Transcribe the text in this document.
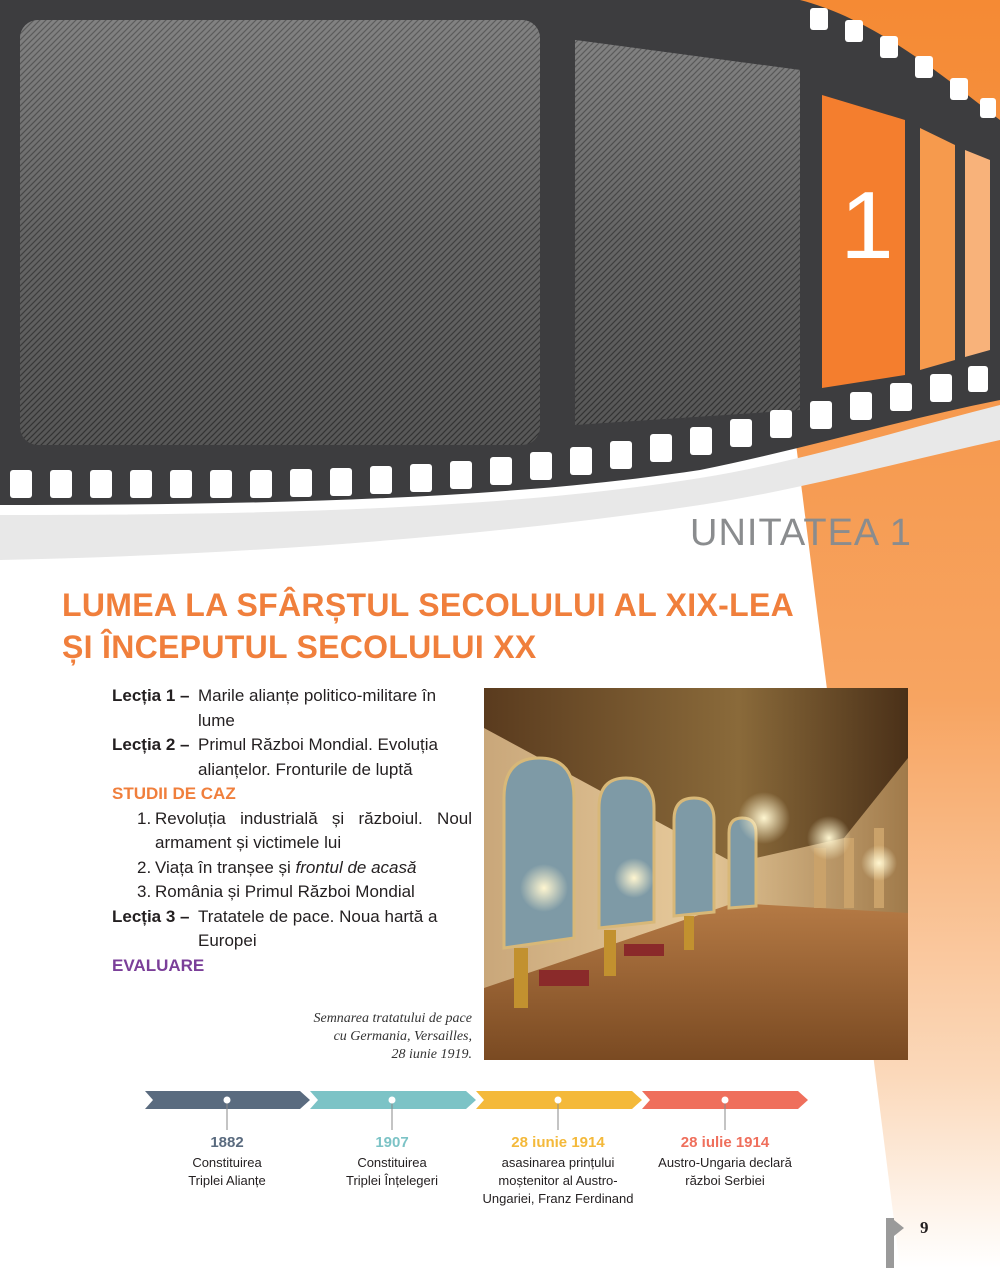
1
UNITATEA 1
LUMEA LA SFÂRȘTUL SECOLULUI AL XIX-LEA
ȘI ÎNCEPUTUL SECOLULUI XX
Lecția 1 – Marile alianțe politico-militare în lume
Lecția 2 – Primul Război Mondial. Evoluția alianțelor. Fronturile de luptă
STUDII DE CAZ
1. Revoluția industrială și războiul. Noul armament și victimele lui
2. Viața în tranșee și frontul de acasă
3. România și Primul Război Mondial
Lecția 3 – Tratatele de pace. Noua hartă a Europei
EVALUARE
Semnarea tratatului de pace
cu Germania, Versailles,
28 iunie 1919.
1882
Constituirea
Triplei Alianțe
1907
Constituirea
Triplei Înțelegeri
28 iunie 1914
asasinarea prințului
moștenitor al Austro-
Ungariei, Franz Ferdinand
28 iulie 1914
Austro-Ungaria declară
război Serbiei
9
